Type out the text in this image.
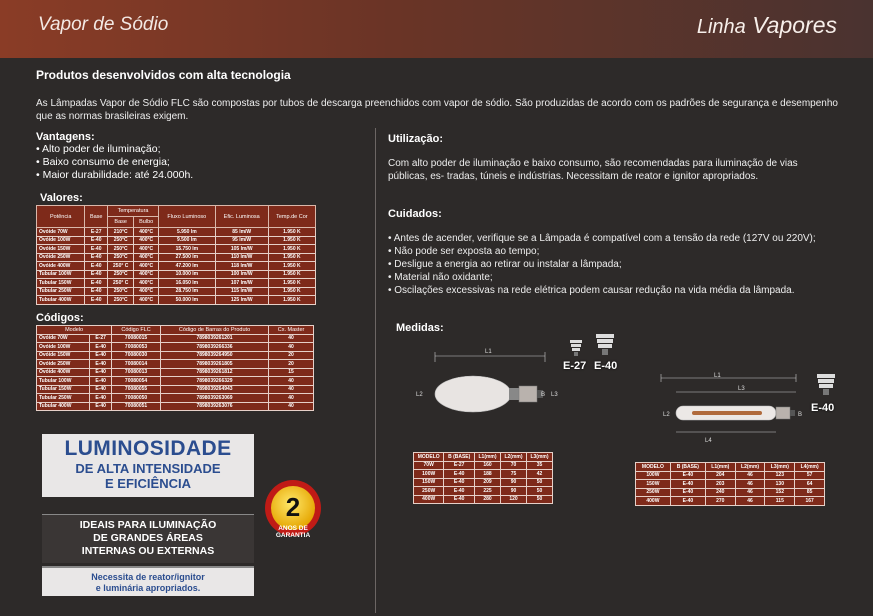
Vapor de Sódio	Linha Vapores
Produtos desenvolvidos com alta tecnologia
As Lâmpadas Vapor de Sódio FLC são compostas por tubos de descarga preenchidos com vapor de sódio. São produzidas de acordo com os padrões de segurança e desempenho que as normas brasileiras exigem.
Vantagens:
• Alto poder de iluminação;
• Baixo consumo de energia;
• Maior durabilidade: até 24.000h.
Valores:
Potência	Base	Temperatura		Fluxo Luminoso	Efic. Luminosa	Temp.de Cor
		Base	Bulbo			
Ovóide 70W	E-27	210°C	400°C	5.950 lm	85 lm/W	1.950 K
Ovóide 100W	E-40	250°C	400°C	9.500 lm	95 lm/W	1.950 K
Ovóide 150W	E-40	250°C	400°C	15.750 lm	105 lm/W	1.950 K
Ovóide 250W	E-40	250°C	400°C	27.500 lm	110 lm/W	1.950 K
Ovóide 400W	E-40	250° C	400°C	47.200 lm	118 lm/W	1.950 K
Tubular 100W	E-40	250°C	400°C	10.000 lm	100 lm/W	1.950 K
Tubular 150W	E-40	250° C	400°C	16.050 lm	107 lm/W	1.950 K
Tubular 250W	E-40	250°C	400°C	28.750 lm	115 lm/W	1.950 K
Tubular 400W	E-40	250°C	400°C	50.000 lm	125 lm/W	1.950 K
Códigos:
Modelo		Código FLC	Código de Barras do Produto	Cx. Master
Ovóide 70W	E-27	70080015	7898039261201	40
Ovóide 100W	E-40	70080053	7898039266336	40
Ovóide 150W	E-40	70080030	7898039264950	20
Ovóide 250W	E-40	70080014	7898039261805	20
Ovóide 400W	E-40	70080013	7898039261812	15
Tubular 100W	E-40	70080054	7898039266329	40
Tubular 150W	E-40	70080055	7898039264943	40
Tubular 250W	E-40	70080050	7898039263069	40
Tubular 400W	E-40	70080051	7898039263076	40
LUMINOSIDADE
DE ALTA INTENSIDADE
E EFICIÊNCIA
IDEAIS PARA ILUMINAÇÃO
DE GRANDES ÁREAS
INTERNAS OU EXTERNAS
Necessita de reator/ignitor
e luminária apropriados.
2
ANOS DE
GARANTIA
Utilização:
Com alto poder de iluminação e baixo consumo, são recomendadas para iluminação de vias públicas, es- tradas, túneis e indústrias. Necessitam de reator e ignitor apropriados.
Cuidados:
• Antes de acender, verifique se a Lâmpada é compatível com a tensão da rede (127V ou 220V);
• Não pode ser exposta ao tempo;
• Desligue a energia ao retirar ou instalar a lâmpada;
• Material não oxidante;
• Oscilações excessivas na rede elétrica podem causar redução na vida média da lâmpada.
Medidas:
L1
L2	B L3
E-27 E-40
L1
L3
L2	B
L4
E-40
MODELO	B (BASE)	L1(mm)	L2(mm)	L3(mm)
70W	E-27	160	70	35
100W	E-40	188	75	42
150W	E-40	209	90	50
250W	E-40	225	90	50
400W	E-40	280	120	50
MODELO	B (BASE)	L1(mm)	L2(mm)	L3(mm)	L4(mm)
100W	E-40	204	46	123	57
150W	E-40	203	46	130	64
250W	E-40	240	46	152	85
400W	E-40	270	46	115	167
